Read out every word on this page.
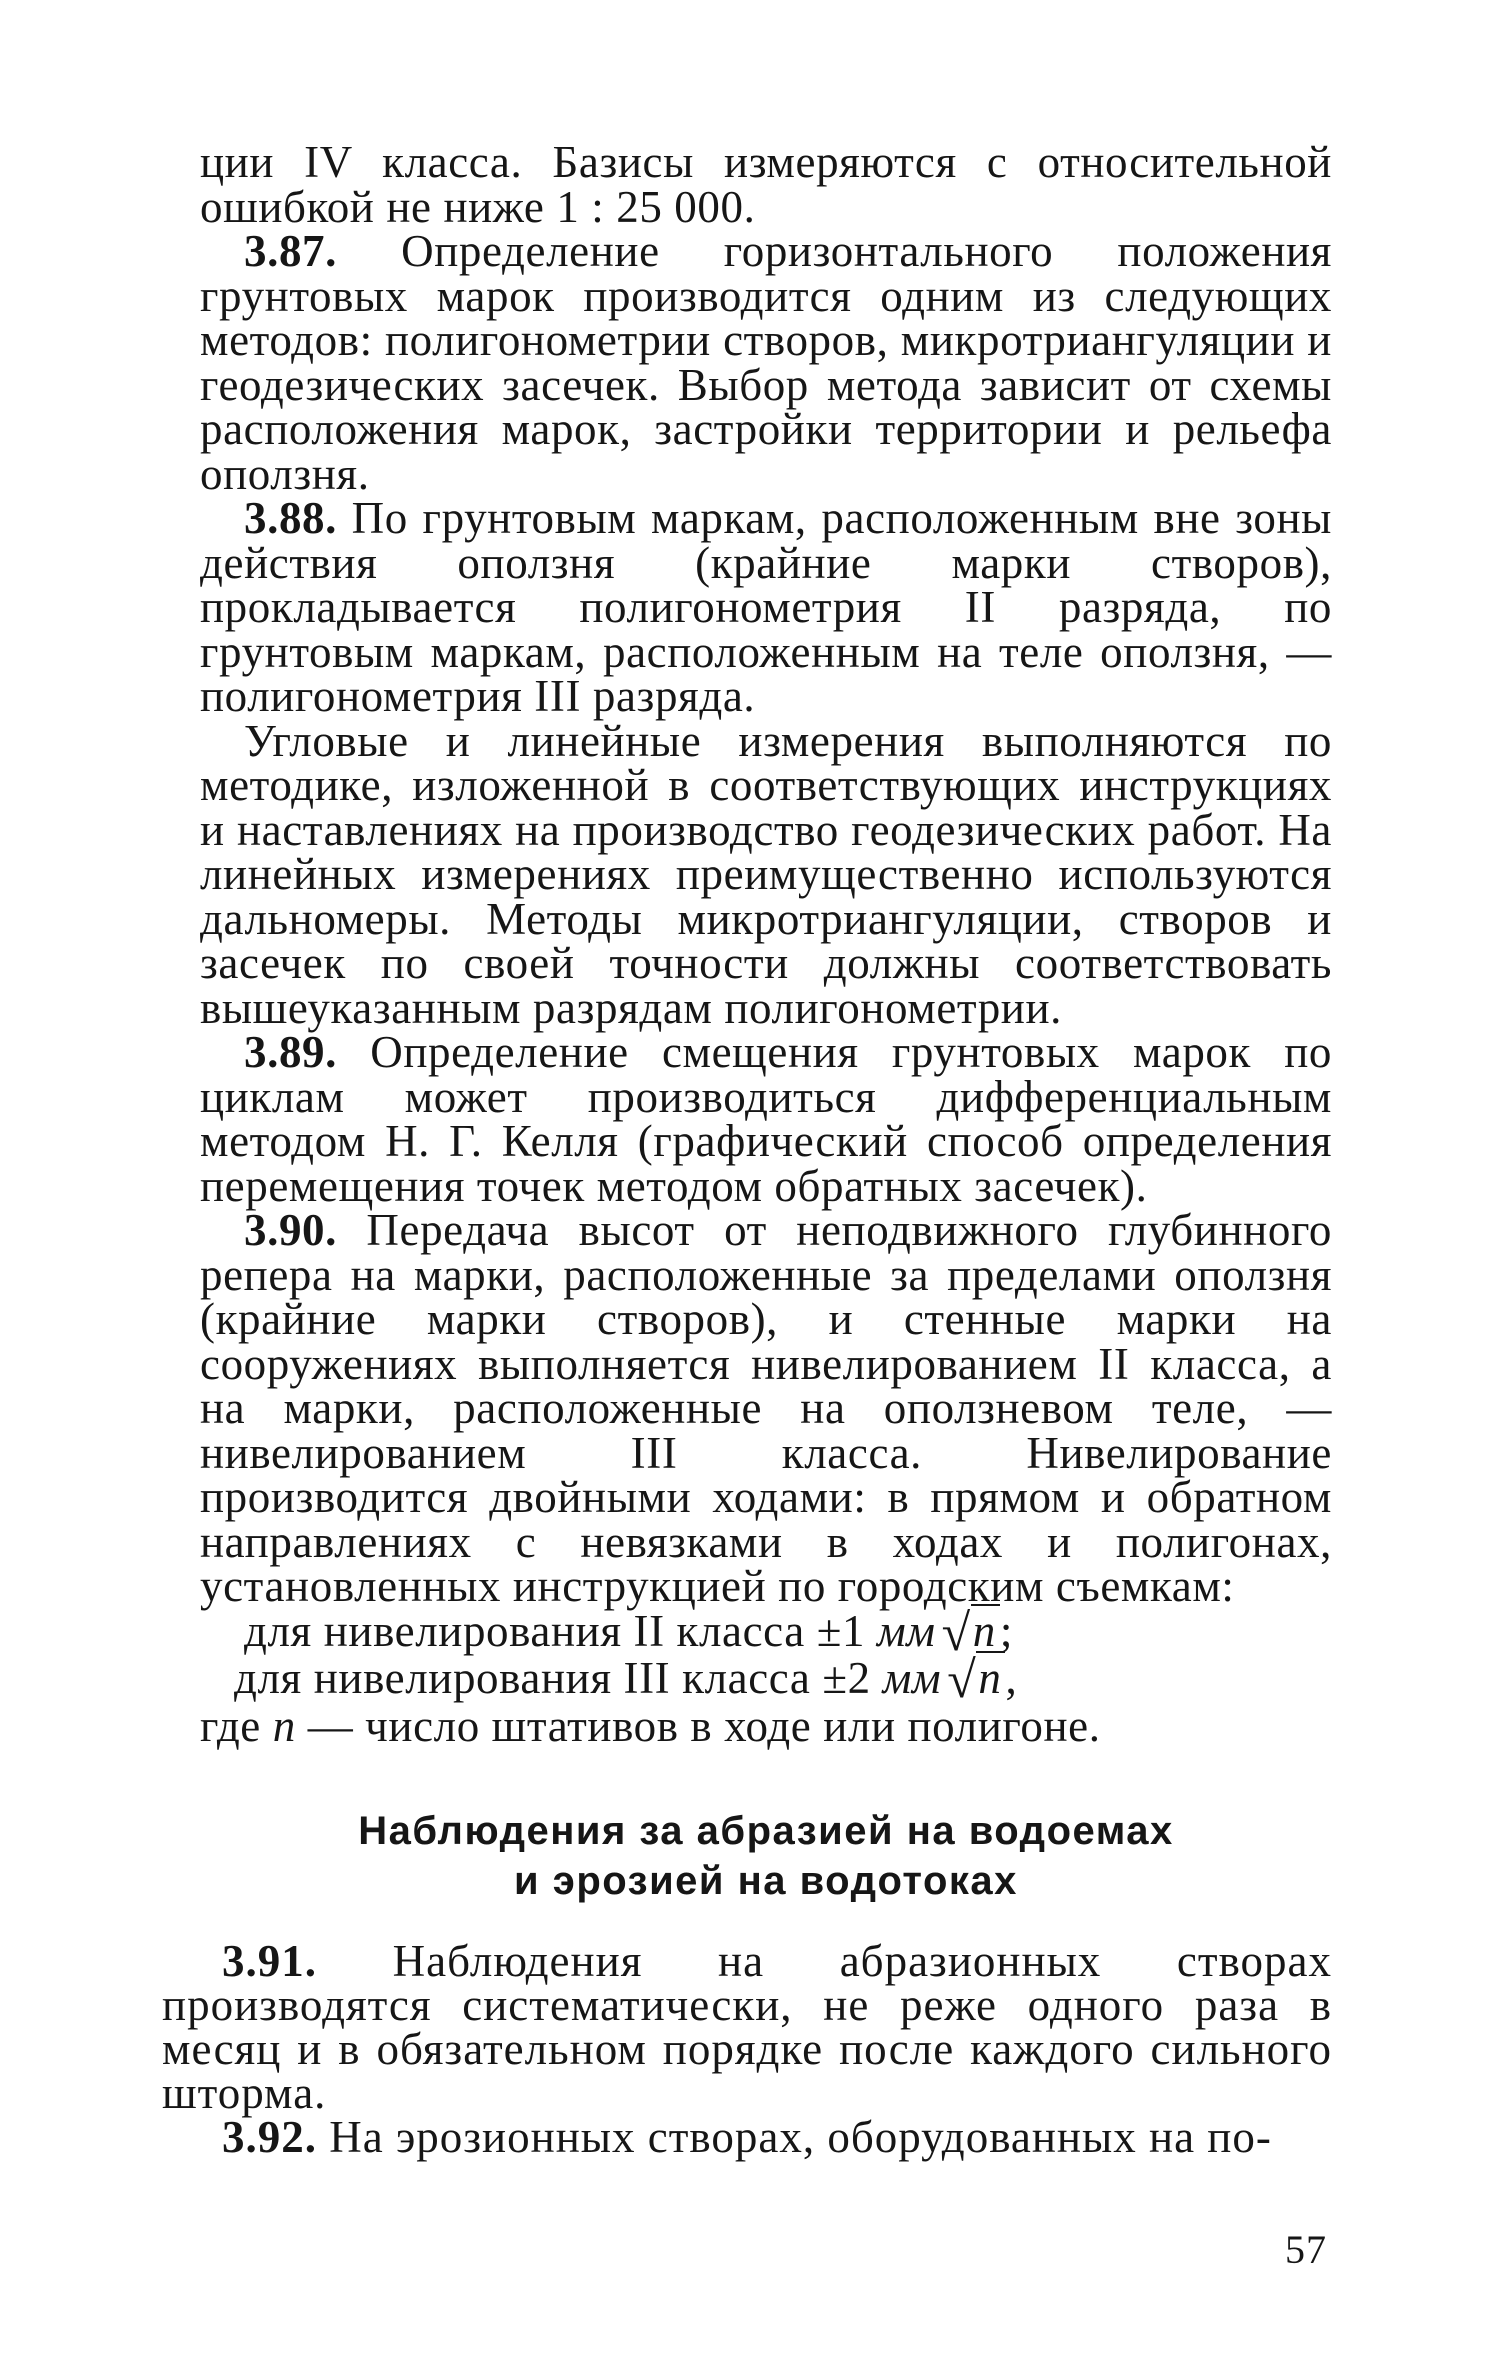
ции IV класса. Базисы измеряются с относительной ошибкой не ниже 1 : 25 000.

3.87. Определение горизонтального положения грунтовых марок производится одним из следующих методов: полигонометрии створов, микротриангуляции и геодезических засечек. Выбор метода зависит от схемы расположения марок, застройки территории и рельефа оползня.

3.88. По грунтовым маркам, расположенным вне зоны действия оползня (крайние марки створов), прокладывается полигонометрия II разряда, по грунтовым маркам, расположенным на теле оползня, — полигонометрия III разряда.

Угловые и линейные измерения выполняются по методике, изложенной в соответствующих инструкциях и наставлениях на производство геодезических работ. На линейных измерениях преимущественно используются дальномеры. Методы микротриангуляции, створов и засечек по своей точности должны соответствовать вышеуказанным разрядам полигонометрии.

3.89. Определение смещения грунтовых марок по циклам может производиться дифференциальным методом Н. Г. Келля (графический способ определения перемещения точек методом обратных засечек).

3.90. Передача высот от неподвижного глубинного репера на марки, расположенные за пределами оползня (крайние марки створов), и стенные марки на сооружениях выполняется нивелированием II класса, а на марки, расположенные на оползневом теле, — нивелированием III класса. Нивелирование производится двойными ходами: в прямом и обратном направлениях с невязками в ходах и полигонах, установленных инструкцией по городским съемкам:

для нивелирования II класса ±1 мм √n;
для нивелирования III класса ±2 мм √n,
где n — число штативов в ходе или полигоне.
Наблюдения за абразией на водоемах
и эрозией на водотоках

3.91. Наблюдения на абразионных створах производятся систематически, не реже одного раза в месяц и в обязательном порядке после каждого сильного шторма.

3.92. На эрозионных створах, оборудованных на по-

57
